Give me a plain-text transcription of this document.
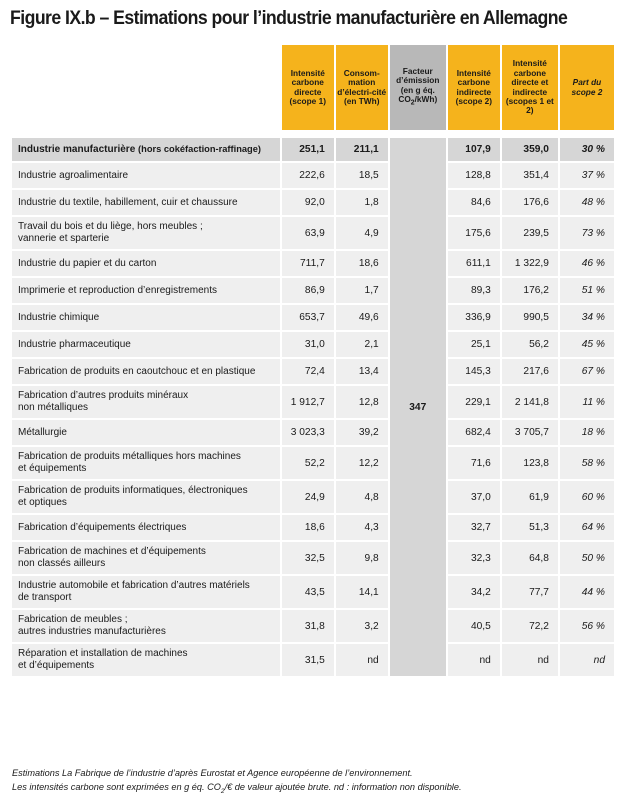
Figure IX.b – Estimations pour l’industrie manufacturière en Allemagne
	Intensité carbone directe (scope 1)	Consom-mation d’électri-cité (en TWh)	Facteur d’émission (en g éq. $CO_2/kWh$)	Intensité carbone indirecte (scope 2)	Intensité carbone directe et indirecte (scopes 1 et 2)	Part du scope 2

Industrie manufacturière (hors cokéfaction-raffinage)	251,1	211,1	347	107,9	359,0	30 %

Industrie agroalimentaire	222,6	18,5		128,8	351,4	37 %

Industrie du textile, habillement, cuir et chaussure	92,0	1,8		84,6	176,6	48 %

Travail du bois et du liège, hors meubles ;
vannerie et sparterie	63,9	4,9		175,6	239,5	73 %

Industrie du papier et du carton	711,7	18,6		611,1	1 322,9	46 %

Imprimerie et reproduction d’enregistrements	86,9	1,7		89,3	176,2	51 %

Industrie chimique	653,7	49,6		336,9	990,5	34 %

Industrie pharmaceutique	31,0	2,1		25,1	56,2	45 %

Fabrication de produits en caoutchouc et en plastique	72,4	13,4		145,3	217,6	67 %

Fabrication d’autres produits minéraux
non métalliques	1 912,7	12,8		229,1	2 141,8	11 %

Métallurgie	3 023,3	39,2		682,4	3 705,7	18 %

Fabrication de produits métalliques hors machines
et équipements	52,2	12,2		71,6	123,8	58 %

Fabrication de produits informatiques, électroniques
et optiques	24,9	4,8		37,0	61,9	60 %

Fabrication d’équipements électriques	18,6	4,3		32,7	51,3	64 %

Fabrication de machines et d’équipements
non classés ailleurs	32,5	9,8		32,3	64,8	50 %

Industrie automobile et fabrication d’autres matériels
de transport	43,5	14,1		34,2	77,7	44 %

Fabrication de meubles ;
autres industries manufacturières	31,8	3,2		40,5	72,2	56 %

Réparation et installation de machines
et d’équipements	31,5	nd		nd	nd	nd
Estimations La Fabrique de l’industrie d’après Eurostat et Agence européenne de l’environnement.
Les intensités carbone sont exprimées en g éq. $CO_2/€$ de valeur ajoutée brute. nd : information non disponible.
